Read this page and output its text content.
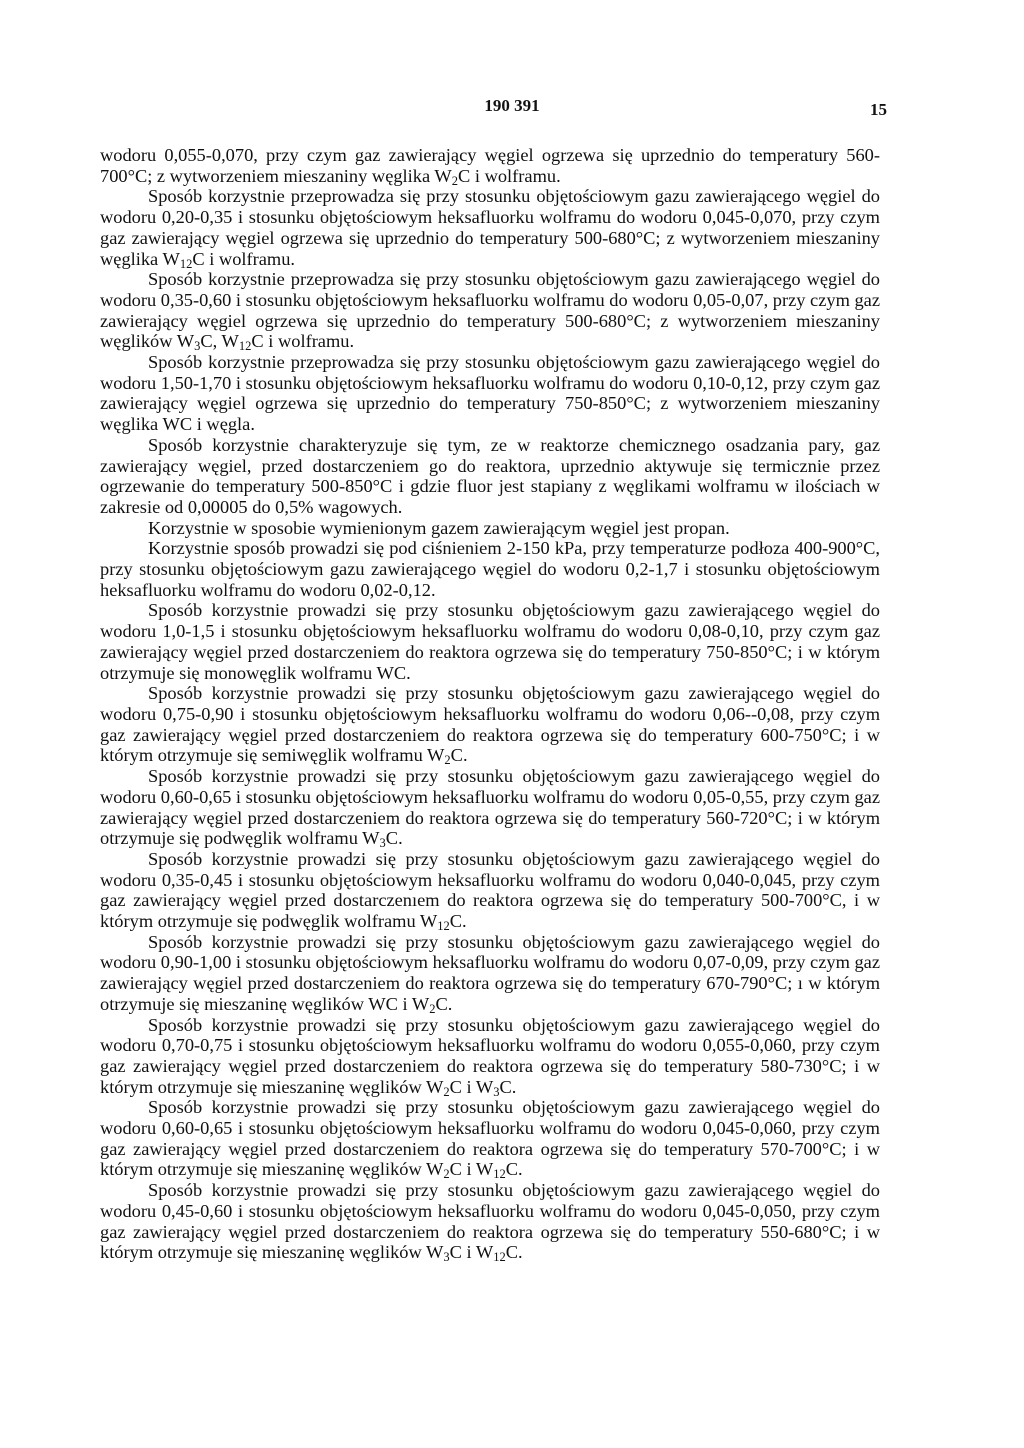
190 391	15

wodoru 0,055-0,070, przy czym gaz zawierający węgiel ogrzewa się uprzednio do temperatury 560-700°C; z wytworzeniem mieszaniny węglika $W_2C$ i wolframu.

Sposób korzystnie przeprowadza się przy stosunku objętościowym gazu zawierającego węgiel do wodoru 0,20-0,35 i stosunku objętościowym heksafluorku wolframu do wodoru 0,045-0,070, przy czym gaz zawierający węgiel ogrzewa się uprzednio do temperatury 500-680°C; z wytworzeniem mieszaniny węglika $W_{12}C$ i wolframu.

Sposób korzystnie przeprowadza się przy stosunku objętościowym gazu zawierającego węgiel do wodoru 0,35-0,60 i stosunku objętościowym heksafluorku wolframu do wodoru 0,05-0,07, przy czym gaz zawierający węgiel ogrzewa się uprzednio do temperatury 500-680°C; z wytworzeniem mieszaniny węglików $W_3C$, $W_{12}C$ i wolframu.

Sposób korzystnie przeprowadza się przy stosunku objętościowym gazu zawierającego węgiel do wodoru 1,50-1,70 i stosunku objętościowym heksafluorku wolframu do wodoru 0,10-0,12, przy czym gaz zawierający węgiel ogrzewa się uprzednio do temperatury 750-850°C; z wytworzeniem mieszaniny węglika WC i węgla.

Sposób korzystnie charakteryzuje się tym, ze w reaktorze chemicznego osadzania pary, gaz zawierający węgiel, przed dostarczeniem go do reaktora, uprzednio aktywuje się termicznie przez ogrzewanie do temperatury 500-850°C i gdzie fluor jest stapiany z węglikami wolframu w ilościach w zakresie od 0,00005 do 0,5% wagowych.

Korzystnie w sposobie wymienionym gazem zawierającym węgiel jest propan.

Korzystnie sposób prowadzi się pod ciśnieniem 2-150 kPa, przy temperaturze podłoza 400-900°C, przy stosunku objętościowym gazu zawierającego węgiel do wodoru 0,2-1,7 i stosunku objętościowym heksafluorku wolframu do wodoru 0,02-0,12.

Sposób korzystnie prowadzi się przy stosunku objętościowym gazu zawierającego węgiel do wodoru 1,0-1,5 i stosunku objętościowym heksafluorku wolframu do wodoru 0,08-0,10, przy czym gaz zawierający węgiel przed dostarczeniem do reaktora ogrzewa się do temperatury 750-850°C; i w którym otrzymuje się monowęglik wolframu WC.

Sposób korzystnie prowadzi się przy stosunku objętościowym gazu zawierającego węgiel do wodoru 0,75-0,90 i stosunku objętościowym heksafluorku wolframu do wodoru 0,06--0,08, przy czym gaz zawierający węgiel przed dostarczeniem do reaktora ogrzewa się do temperatury 600-750°C; i w którym otrzymuje się semiwęglik wolframu $W_2C$.

Sposób korzystnie prowadzi się przy stosunku objętościowym gazu zawierającego węgiel do wodoru 0,60-0,65 i stosunku objętościowym heksafluorku wolframu do wodoru 0,05-0,55, przy czym gaz zawierający węgiel przed dostarczeniem do reaktora ogrzewa się do temperatury 560-720°C; i w którym otrzymuje się podwęglik wolframu $W_3C$.

Sposób korzystnie prowadzi się przy stosunku objętościowym gazu zawierającego węgiel do wodoru 0,35-0,45 i stosunku objętościowym heksafluorku wolframu do wodoru 0,040-0,045, przy czym gaz zawierający węgiel przed dostarczenıem do reaktora ogrzewa się do temperatury 500-700°C, i w którym otrzymuje się podwęglik wolframu $W_{12}C$.

Sposób korzystnie prowadzi się przy stosunku objętościowym gazu zawierającego węgiel do wodoru 0,90-1,00 i stosunku objętościowym heksafluorku wolframu do wodoru 0,07-0,09, przy czym gaz zawierający węgiel przed dostarczeniem do reaktora ogrzewa się do temperatury 670-790°C; ı w którym otrzymuje się mieszaninę węglików WC i $W_2C$.

Sposób korzystnie prowadzi się przy stosunku objętościowym gazu zawierającego węgiel do wodoru 0,70-0,75 i stosunku objętościowym heksafluorku wolframu do wodoru 0,055-0,060, przy czym gaz zawierający węgiel przed dostarczeniem do reaktora ogrzewa się do temperatury 580-730°C; i w którym otrzymuje się mieszaninę węglików $W_2C$ i $W_3C$.

Sposób korzystnie prowadzi się przy stosunku objętościowym gazu zawierającego węgiel do wodoru 0,60-0,65 i stosunku objętościowym heksafluorku wolframu do wodoru 0,045-0,060, przy czym gaz zawierający węgiel przed dostarczeniem do reaktora ogrzewa się do temperatury 570-700°C; i w którym otrzymuje się mieszaninę węglików $W_2C$ i $W_{12}C$.

Sposób korzystnie prowadzi się przy stosunku objętościowym gazu zawierającego węgiel do wodoru 0,45-0,60 i stosunku objętościowym heksafluorku wolframu do wodoru 0,045-0,050, przy czym gaz zawierający węgiel przed dostarczeniem do reaktora ogrzewa się do temperatury 550-680°C; i w którym otrzymuje się mieszaninę węglików $W_3C$ i $W_{12}C$.
